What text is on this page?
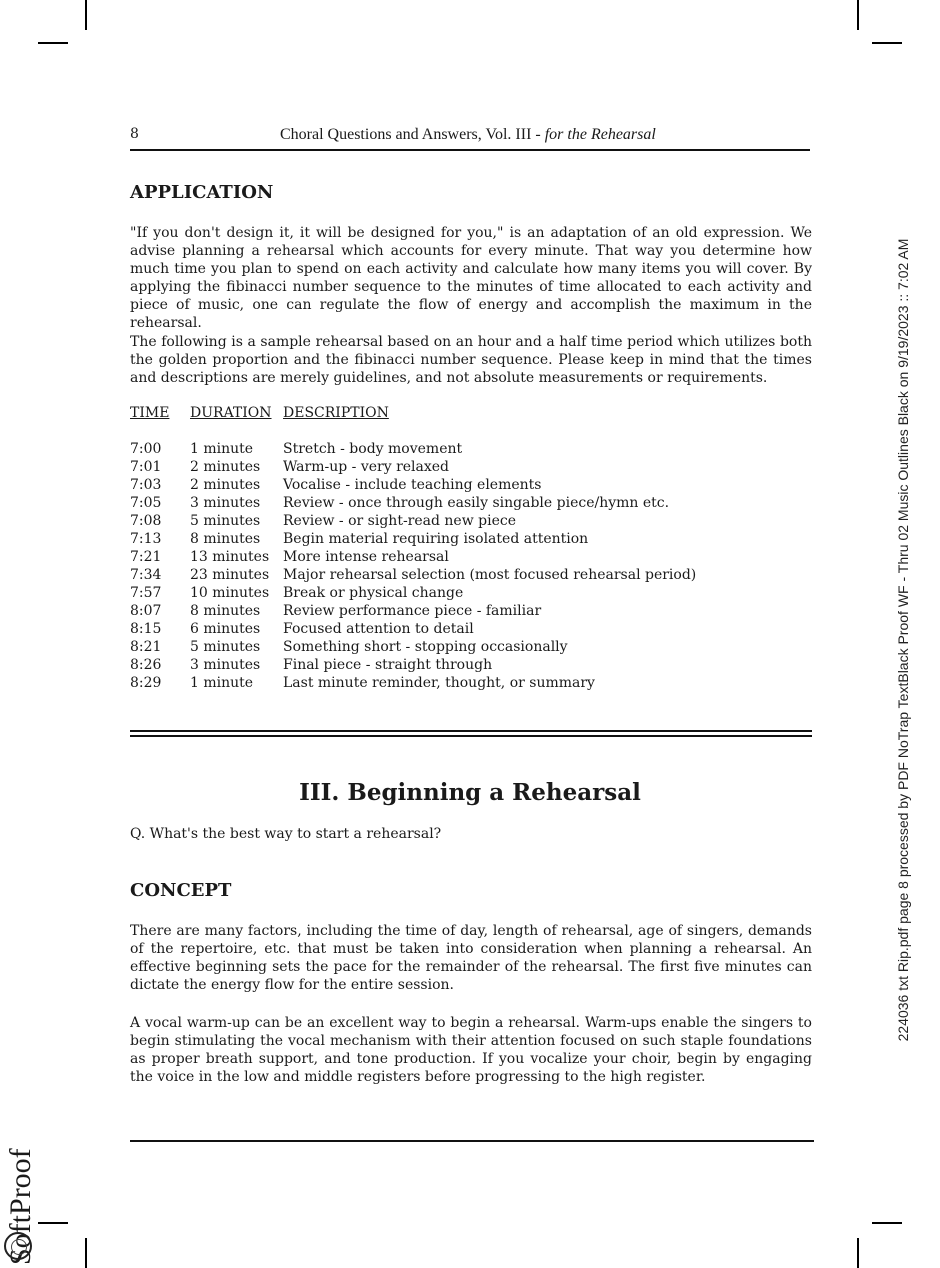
8	Choral Questions and Answers, Vol. III - for the Rehearsal
APPLICATION

"If you don't design it, it will be designed for you," is an adaptation of an old expression. We advise planning a rehearsal which accounts for every minute. That way you determine how much time you plan to spend on each activity and calculate how many items you will cover. By applying the fibinacci number sequence to the minutes of time allocated to each activity and piece of music, one can regulate the flow of energy and accomplish the maximum in the rehearsal.

The following is a sample rehearsal based on an hour and a half time period which utilizes both the golden proportion and the fibinacci number sequence. Please keep in mind that the times and descriptions are merely guidelines, and not absolute measurements or requirements.

TIME DURATION DESCRIPTION
7:00 1 minute Stretch - body movement
7:01 2 minutes Warm-up - very relaxed
7:03 2 minutes Vocalise - include teaching elements
7:05 3 minutes Review - once through easily singable piece/hymn etc.
7:08 5 minutes Review - or sight-read new piece
7:13 8 minutes Begin material requiring isolated attention
7:21 13 minutes More intense rehearsal
7:34 23 minutes Major rehearsal selection (most focused rehearsal period)
7:57 10 minutes Break or physical change
8:07 8 minutes Review performance piece - familiar
8:15 6 minutes Focused attention to detail
8:21 5 minutes Something short - stopping occasionally
8:26 3 minutes Final piece - straight through
8:29 1 minute Last minute reminder, thought, or summary
III. Beginning a Rehearsal
Q. What's the best way to start a rehearsal?
CONCEPT

There are many factors, including the time of day, length of rehearsal, age of singers, demands of the repertoire, etc. that must be taken into consideration when planning a rehearsal. An effective beginning sets the pace for the remainder of the rehearsal. The first five minutes can dictate the energy flow for the entire session.

A vocal warm-up can be an excellent way to begin a rehearsal. Warm-ups enable the singers to begin stimulating the vocal mechanism with their attention focused on such staple foundations as proper breath support, and tone production. If you vocalize your choir, begin by engaging the voice in the low and middle registers before progressing to the high register.

224036 txt Rip.pdf page 8 processed by PDF NoTrap TextBlack Proof WF - Thru 02 Music Outlines Black on 9/19/2023 :: 7:02 AM
SoftProof
